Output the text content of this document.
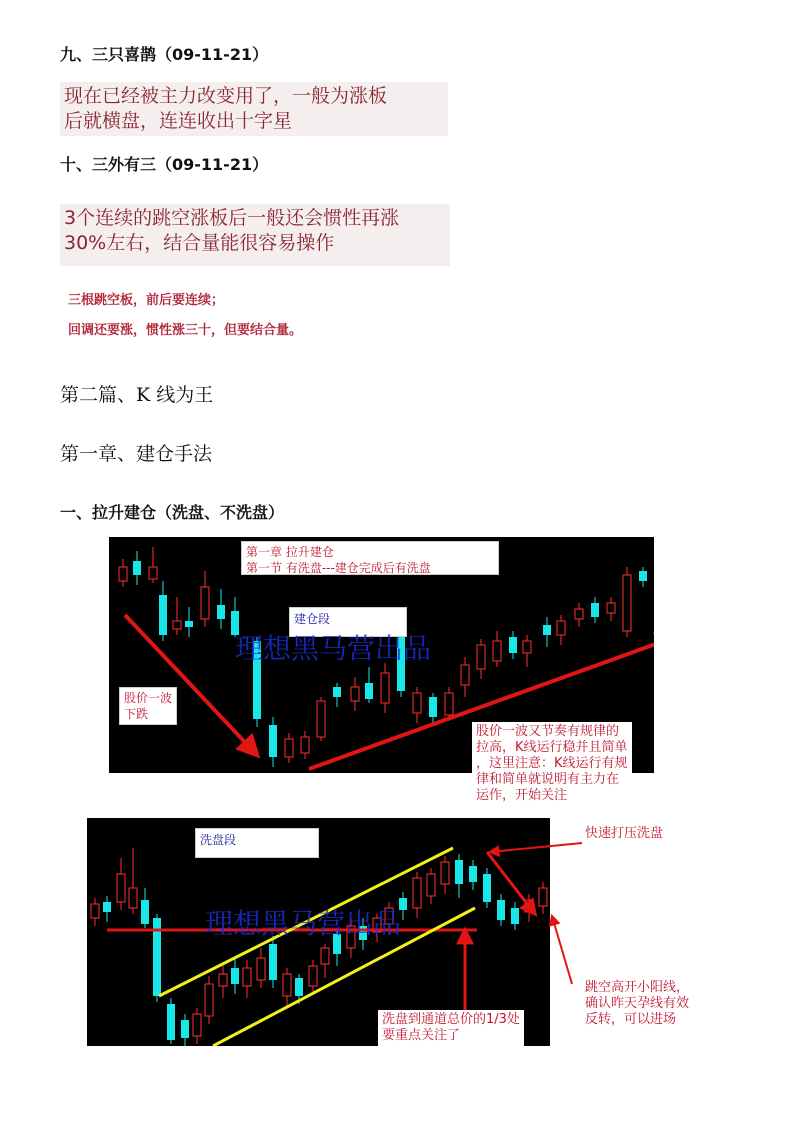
九、三只喜鹊（09-11-21）
现在已经被主力改变用了，一般为涨板
后就横盘，连连收出十字星
十、三外有三（09-11-21）
3个连续的跳空涨板后一般还会惯性再涨
30%左右，结合量能很容易操作
三根跳空板，前后要连续；
回调还要涨，惯性涨三十，但要结合量。
第二篇、K 线为王
第一章、建仓手法
一、拉升建仓（洗盘、不洗盘）
第一章 拉升建仓
第一节 有洗盘---建仓完成后有洗盘
建仓段
理想黑马营出品
股价一波
下跌
股价一波又节奏有规律的
拉高，K线运行稳并且简单
，这里注意：K线运行有规
律和简单就说明有主力在
运作，开始关注
洗盘段
理想黑马营出品
快速打压洗盘
洗盘到通道总价的1/3处
要重点关注了
跳空高开小阳线，
确认昨天孕线有效
反转，可以进场
